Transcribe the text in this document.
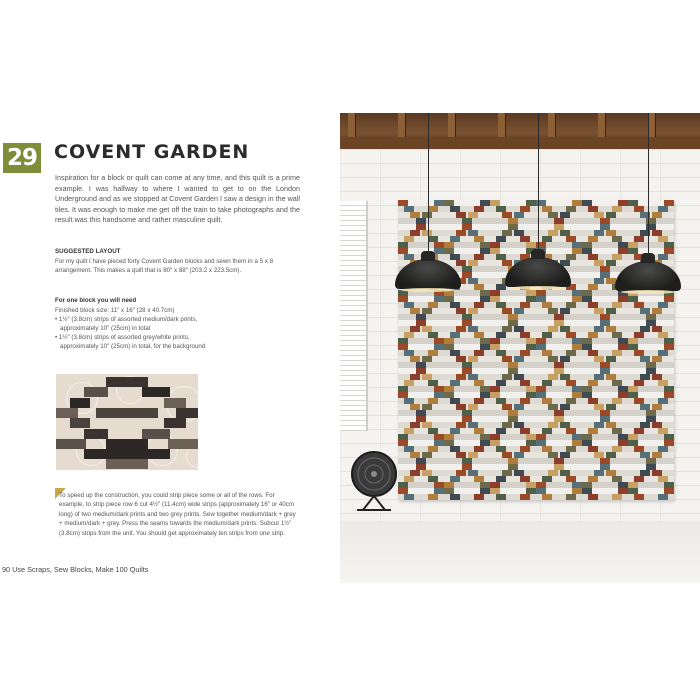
29 COVENT GARDEN

Inspiration for a block or quilt can come at any time, and this quilt is a prime example. I was halfway to where I wanted to get to on the London Underground and as we stopped at Covent Garden I saw a design in the wall tiles. It was enough to make me get off the train to take photographs and the result was this handsome and rather masculine quilt.

SUGGESTED LAYOUT

For my quilt I have pieced forty Covent Garden blocks and sewn them in a 5 x 8 arrangement. This makes a quilt that is 80" x 88" (203.2 x 223.5cm).

For one block you will need

Finished block size: 11" x 16" (28 x 40.7cm)
• 1½" (3.8cm) strips of assorted medium/dark prints,
approximately 10" (25cm) in total
• 1½" (3.8cm) strips of assorted grey/white prints,
approximately 10" (25cm) in total, for the background

To speed up the construction, you could strip piece some or all of the rows. For example, to strip piece row 6 cut 4½" (11.4cm) wide strips (approximately 16" or 40cm long) of two medium/dark prints and two grey prints. Sew together medium/dark + grey + medium/dark + grey. Press the seams towards the medium/dark prints. Subcut 1½" (3.8cm) strips from the unit. You should get approximately ten strips from one strip.

90 Use Scraps, Sew Blocks, Make 100 Quilts
